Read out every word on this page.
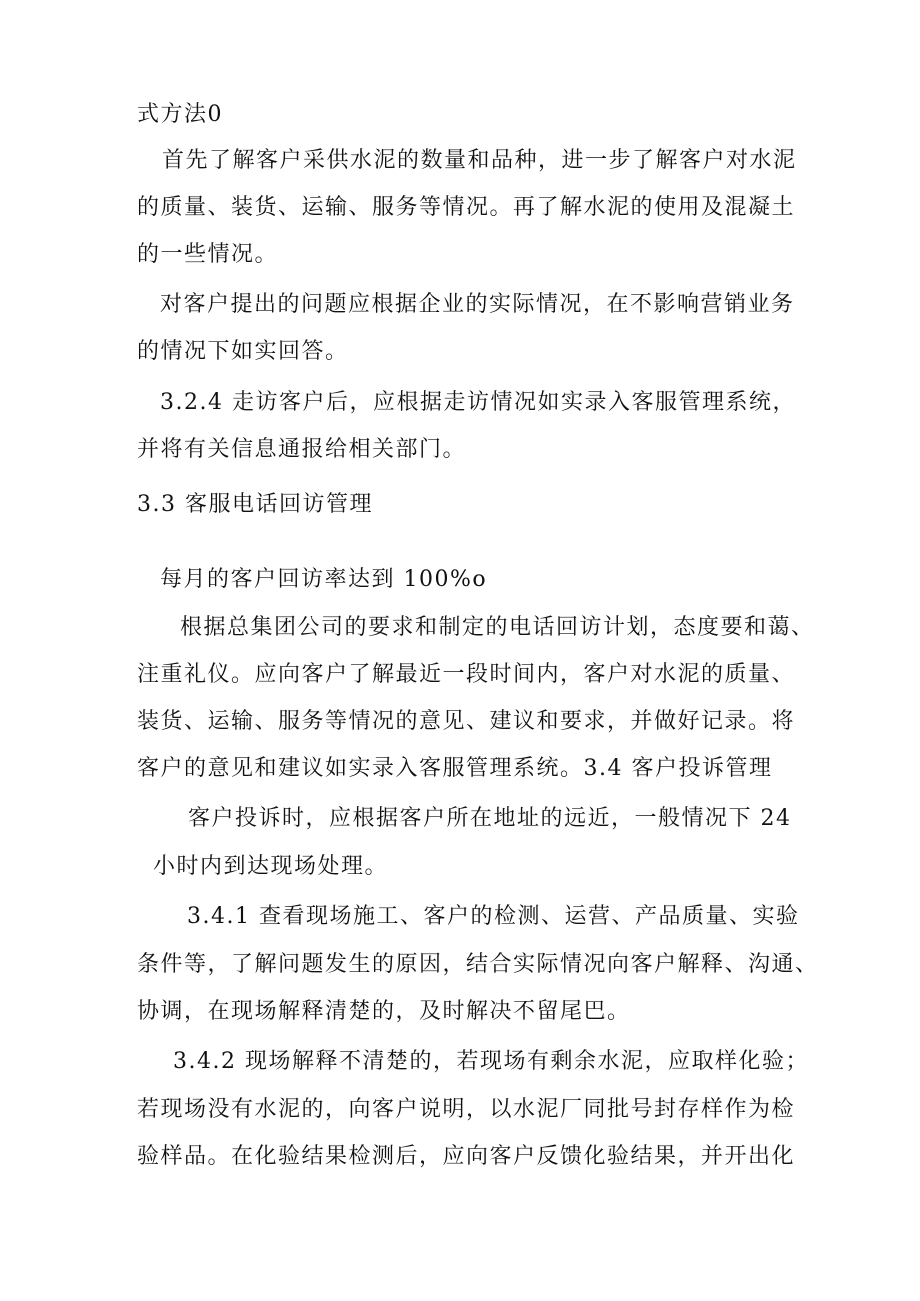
式方法0
首先了解客户采供水泥的数量和品种，进一步了解客户对水泥
的质量、装货、运输、服务等情况。再了解水泥的使用及混凝土
的一些情况。
对客户提出的问题应根据企业的实际情况，在不影响营销业务
的情况下如实回答。
3.2.4 走访客户后，应根据走访情况如实录入客服管理系统，
并将有关信息通报给相关部门。
3.3 客服电话回访管理
每月的客户回访率达到 100%o
根据总集团公司的要求和制定的电话回访计划，态度要和蔼、
注重礼仪。应向客户了解最近一段时间内，客户对水泥的质量、
装货、运输、服务等情况的意见、建议和要求，并做好记录。将
客户的意见和建议如实录入客服管理系统。3.4 客户投诉管理
客户投诉时，应根据客户所在地址的远近，一般情况下 24
小时内到达现场处理。
3.4.1 查看现场施工、客户的检测、运营、产品质量、实验
条件等，了解问题发生的原因，结合实际情况向客户解释、沟通、
协调，在现场解释清楚的，及时解决不留尾巴。
3.4.2 现场解释不清楚的，若现场有剩余水泥，应取样化验；
若现场没有水泥的，向客户说明，以水泥厂同批号封存样作为检
验样品。在化验结果检测后，应向客户反馈化验结果，并开出化
